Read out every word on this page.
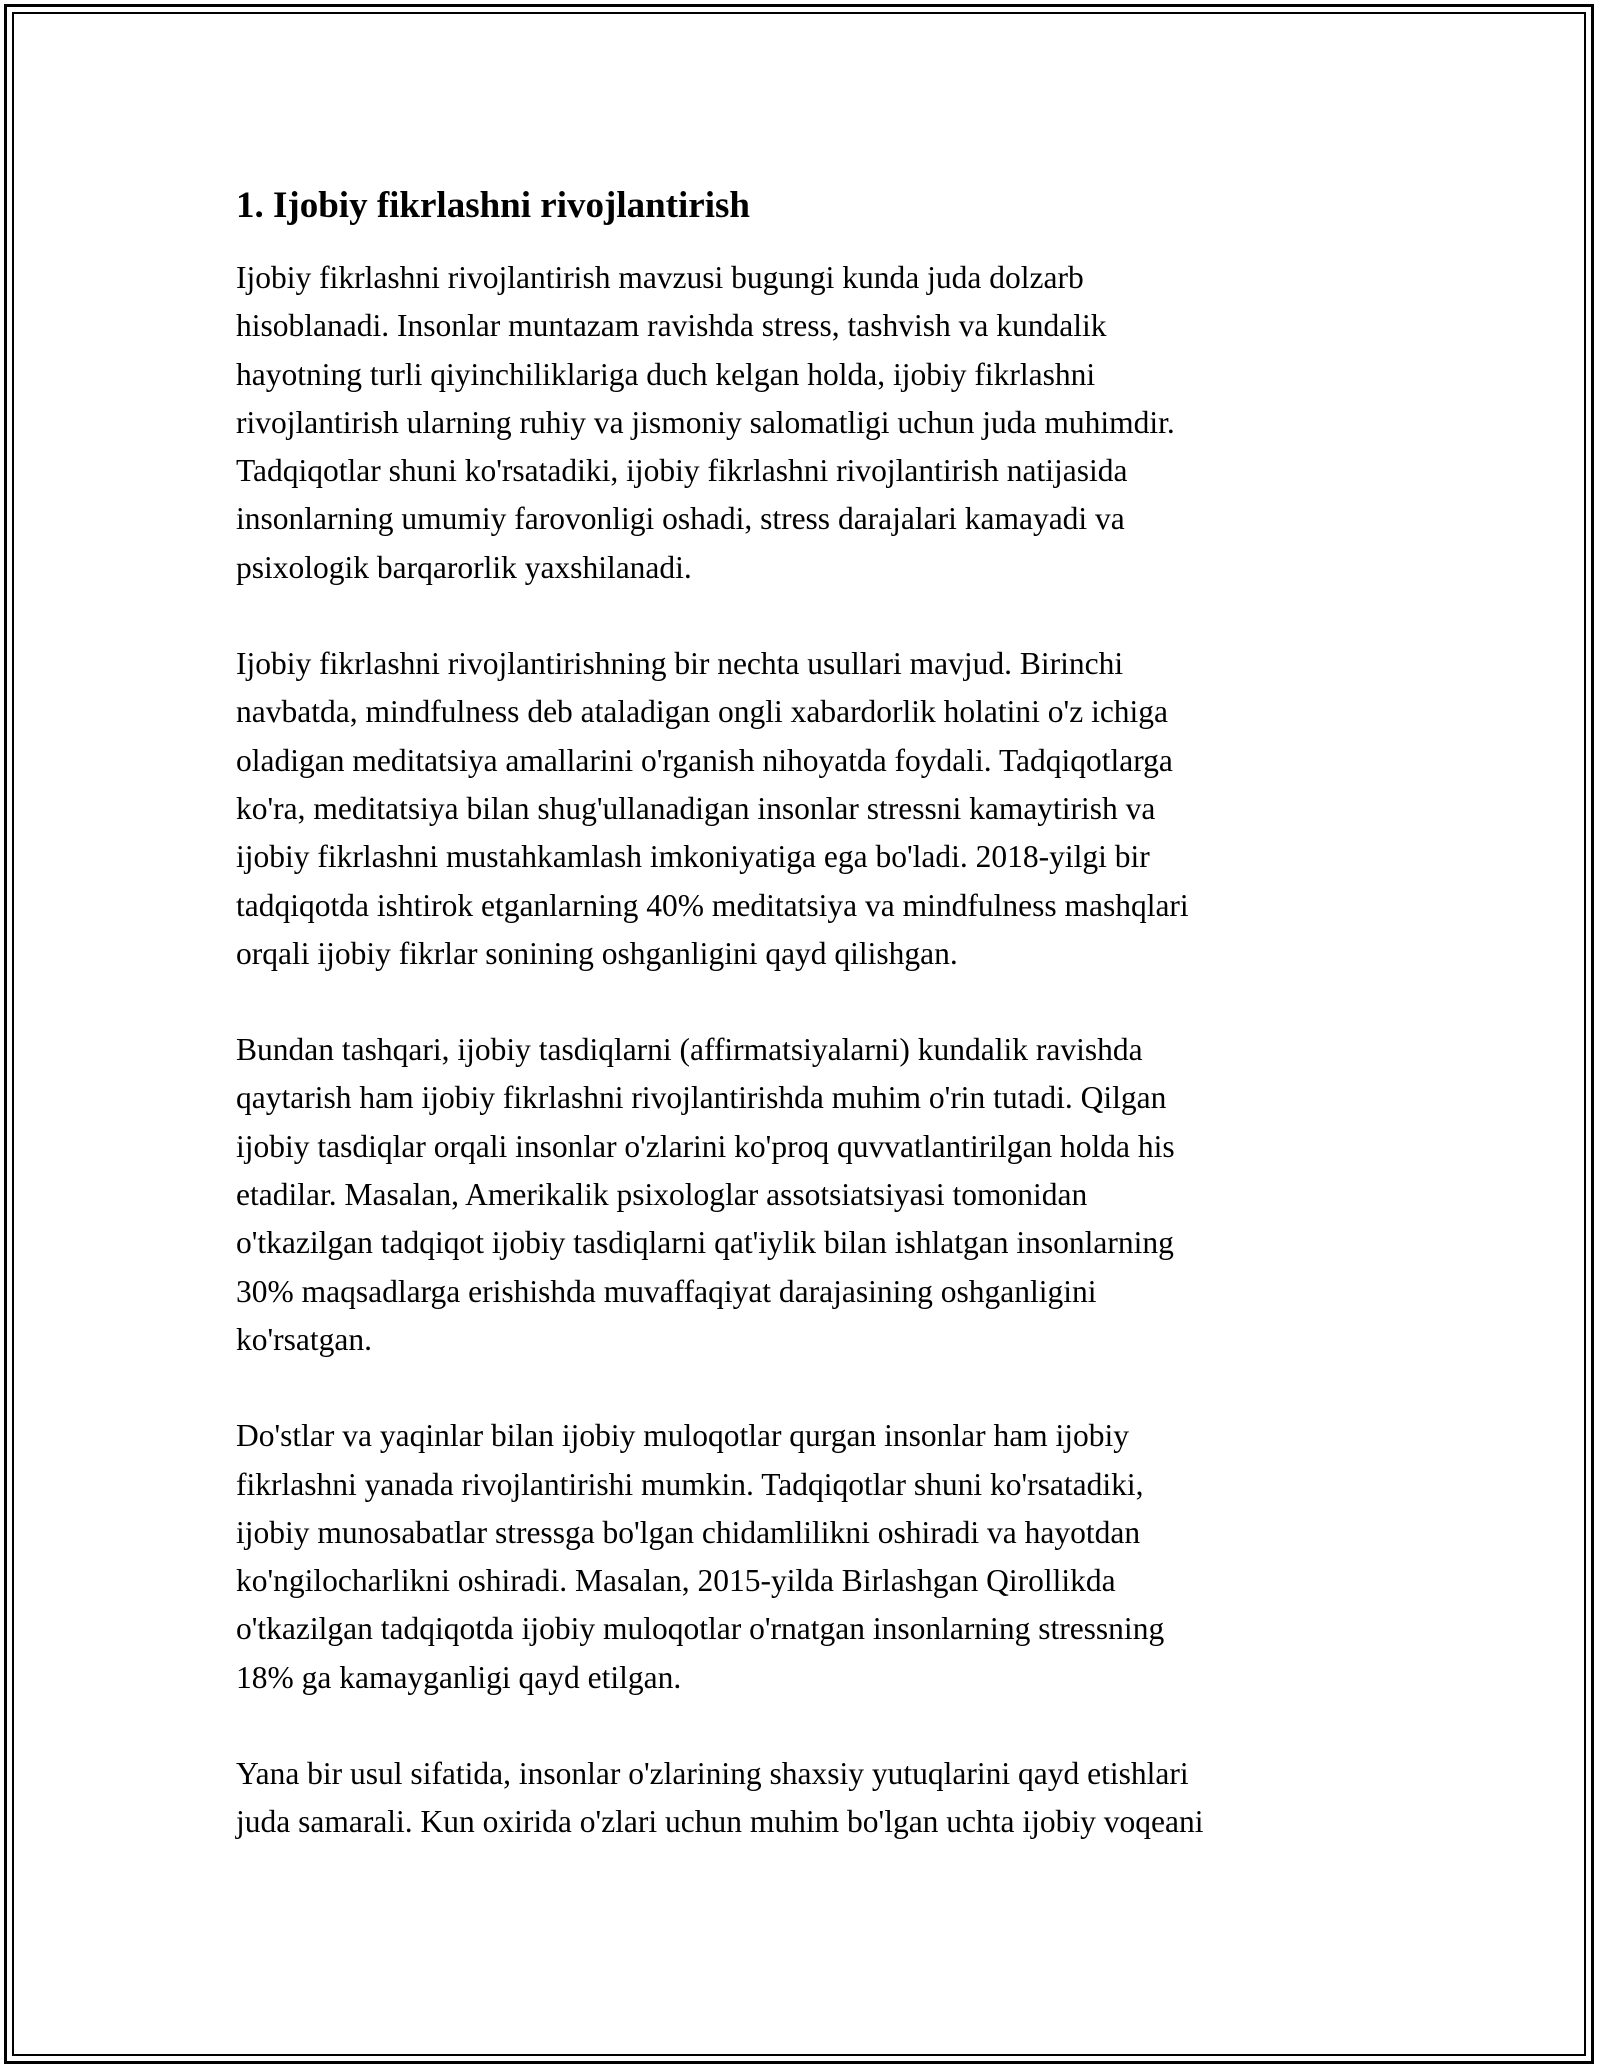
1. Ijobiy fikrlashni rivojlantirish

Ijobiy fikrlashni rivojlantirish mavzusi bugungi kunda juda dolzarb
hisoblanadi. Insonlar muntazam ravishda stress, tashvish va kundalik
hayotning turli qiyinchiliklariga duch kelgan holda, ijobiy fikrlashni
rivojlantirish ularning ruhiy va jismoniy salomatligi uchun juda muhimdir.
Tadqiqotlar shuni ko'rsatadiki, ijobiy fikrlashni rivojlantirish natijasida
insonlarning umumiy farovonligi oshadi, stress darajalari kamayadi va
psixologik barqarorlik yaxshilanadi.

Ijobiy fikrlashni rivojlantirishning bir nechta usullari mavjud. Birinchi
navbatda, mindfulness deb ataladigan ongli xabardorlik holatini o'z ichiga
oladigan meditatsiya amallarini o'rganish nihoyatda foydali. Tadqiqotlarga
ko'ra, meditatsiya bilan shug'ullanadigan insonlar stressni kamaytirish va
ijobiy fikrlashni mustahkamlash imkoniyatiga ega bo'ladi. 2018-yilgi bir
tadqiqotda ishtirok etganlarning 40% meditatsiya va mindfulness mashqlari
orqali ijobiy fikrlar sonining oshganligini qayd qilishgan.

Bundan tashqari, ijobiy tasdiqlarni (affirmatsiyalarni) kundalik ravishda
qaytarish ham ijobiy fikrlashni rivojlantirishda muhim o'rin tutadi. Qilgan
ijobiy tasdiqlar orqali insonlar o'zlarini ko'proq quvvatlantirilgan holda his
etadilar. Masalan, Amerikalik psixologlar assotsiatsiyasi tomonidan
o'tkazilgan tadqiqot ijobiy tasdiqlarni qat'iylik bilan ishlatgan insonlarning
30% maqsadlarga erishishda muvaffaqiyat darajasining oshganligini
ko'rsatgan.

Do'stlar va yaqinlar bilan ijobiy muloqotlar qurgan insonlar ham ijobiy
fikrlashni yanada rivojlantirishi mumkin. Tadqiqotlar shuni ko'rsatadiki,
ijobiy munosabatlar stressga bo'lgan chidamlilikni oshiradi va hayotdan
ko'ngilocharlikni oshiradi. Masalan, 2015-yilda Birlashgan Qirollikda
o'tkazilgan tadqiqotda ijobiy muloqotlar o'rnatgan insonlarning stressning
18% ga kamayganligi qayd etilgan.

Yana bir usul sifatida, insonlar o'zlarining shaxsiy yutuqlarini qayd etishlari
juda samarali. Kun oxirida o'zlari uchun muhim bo'lgan uchta ijobiy voqeani
